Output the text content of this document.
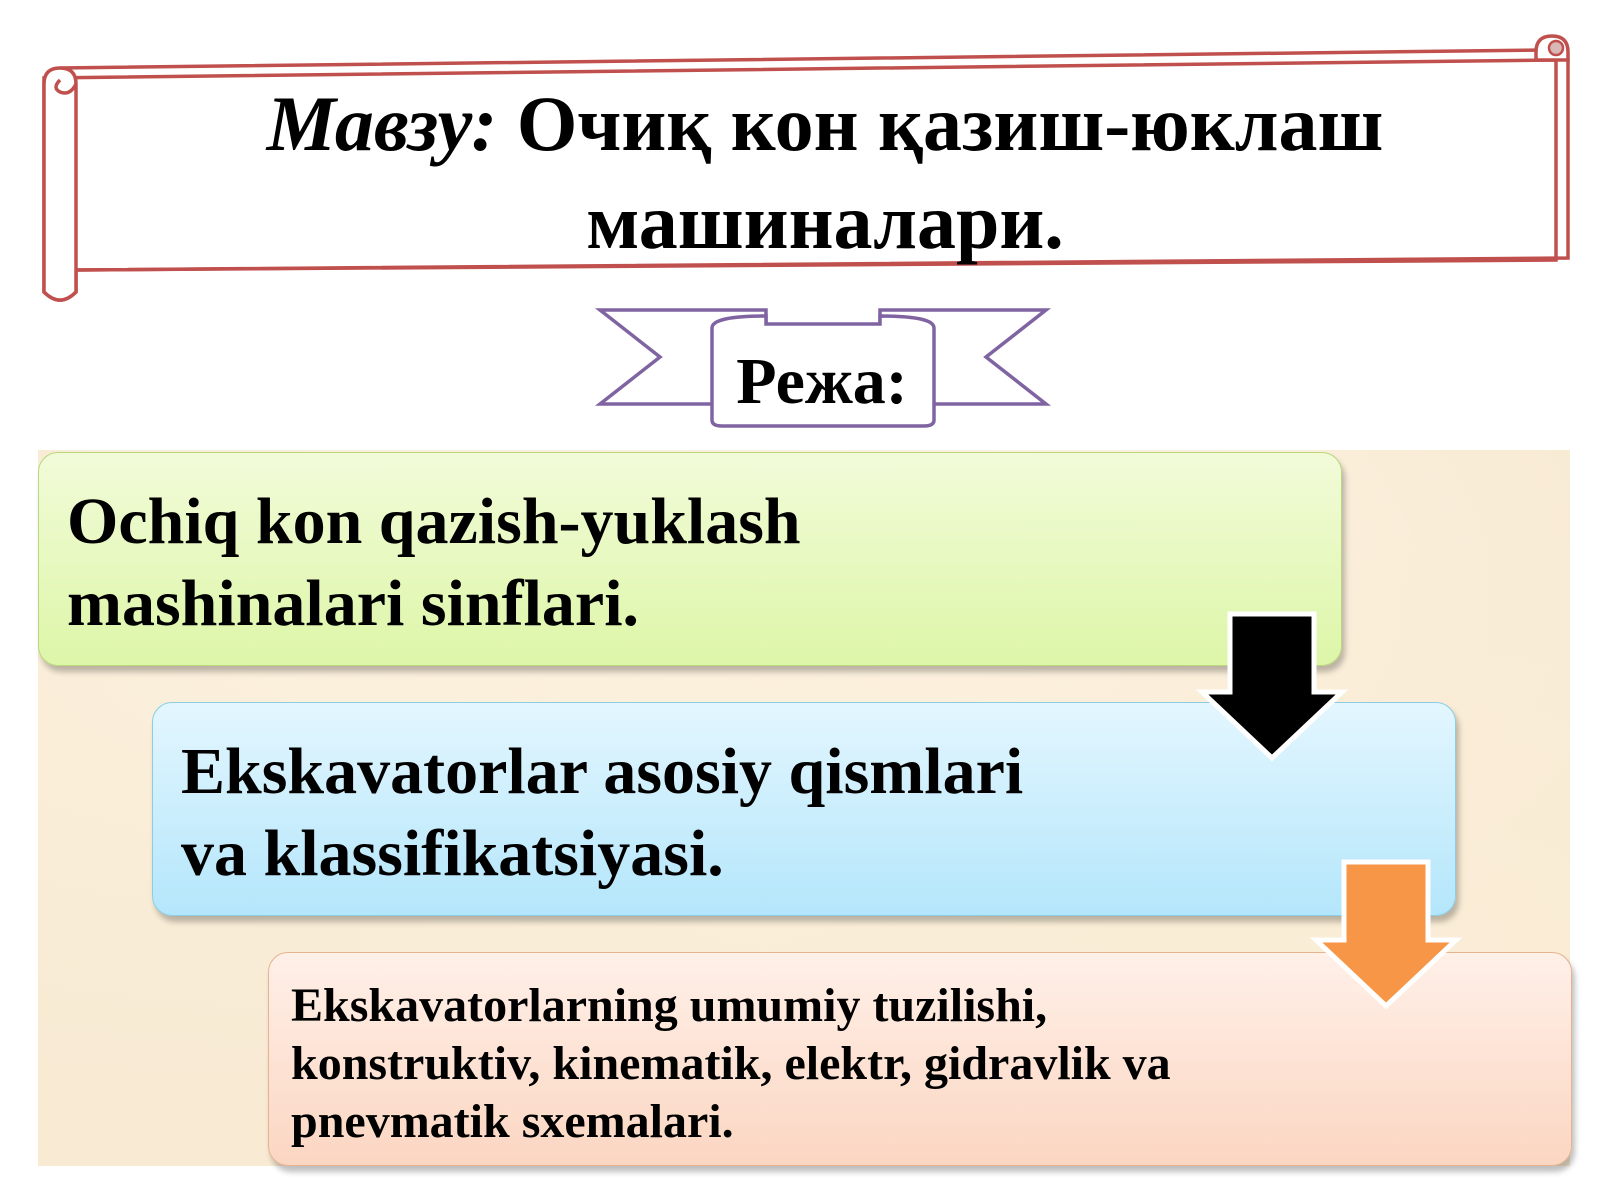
Мавзу: Очиқ кон қазиш-юклаш
машиналари.
Режа:
Ochiq kon qazish-yuklash
mashinalari sinflari.
Ekskavatorlar asosiy qismlari
va klassifikatsiyasi.
Ekskavatorlarning umumiy tuzilishi,
konstruktiv, kinematik, elektr, gidravlik va
pnevmatik sxemalari.
